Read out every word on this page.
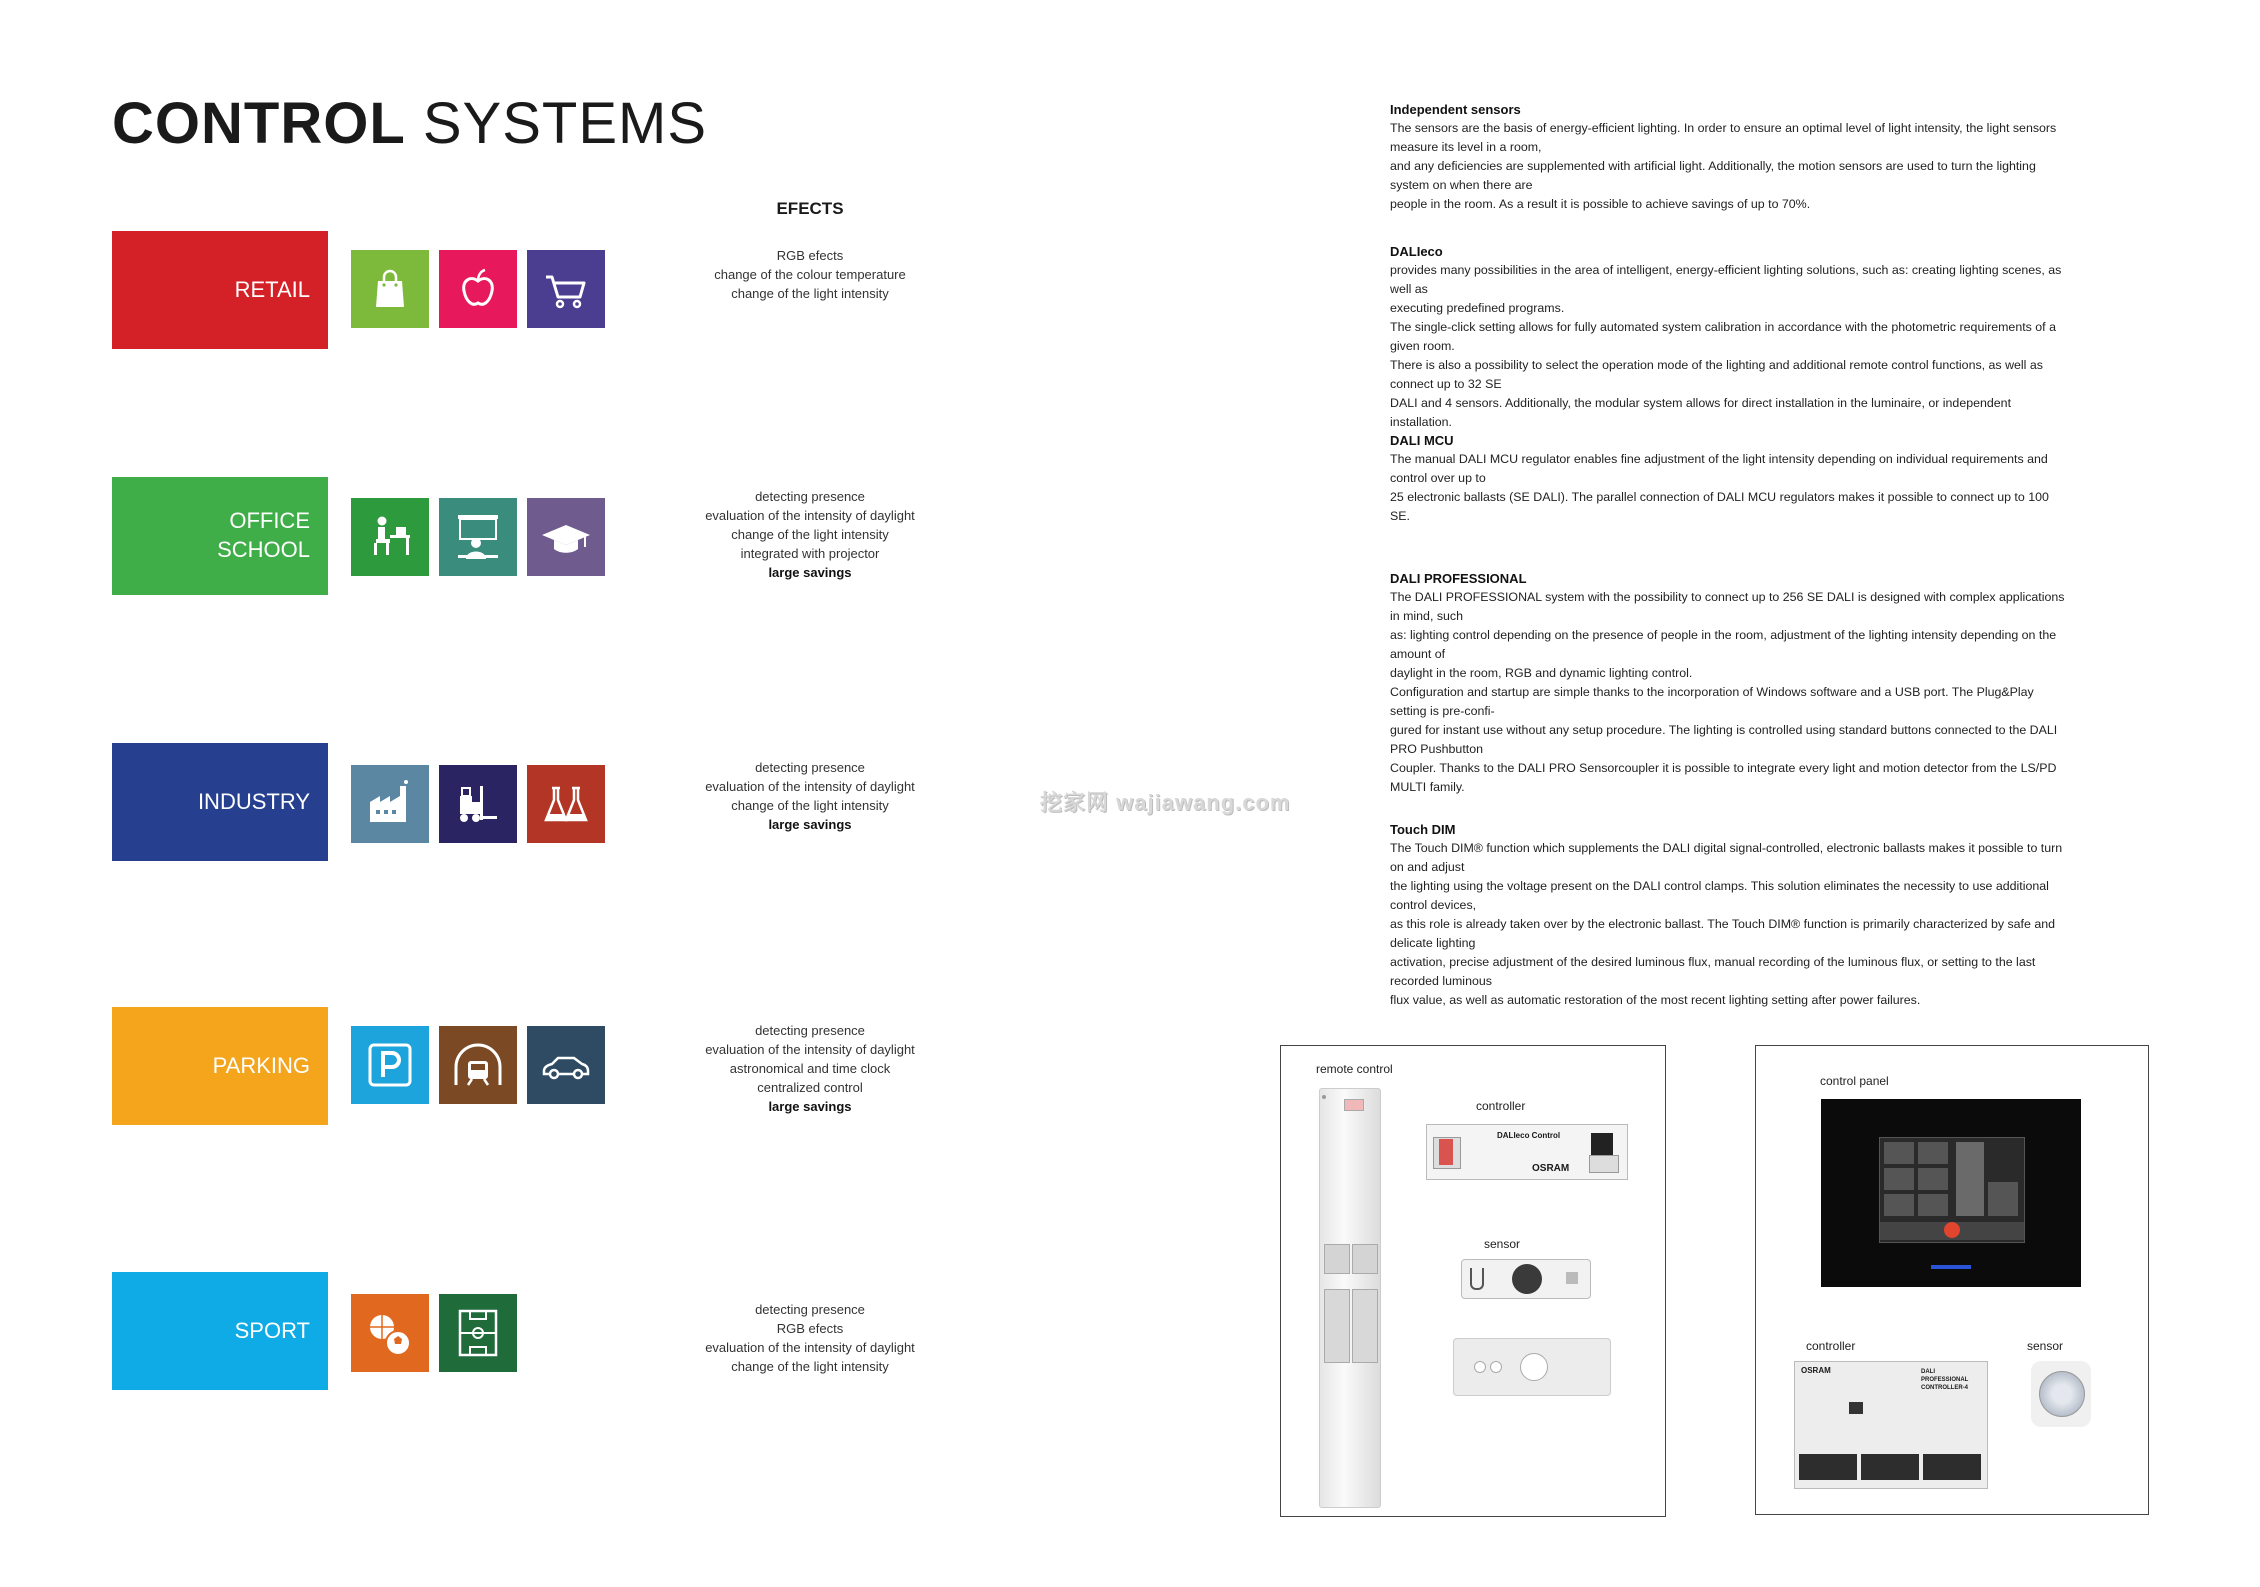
CONTROL SYSTEMS
RETAIL
OFFICE
SCHOOL
INDUSTRY
PARKING
SPORT
EFECTS
RGB efects
change of the colour temperature
change of the light intensity
detecting presence
evaluation of the intensity of daylight
change of the light intensity
integrated with projector
large savings
detecting presence
evaluation of the intensity of daylight
change of the light intensity
large savings
detecting presence
evaluation of the intensity of daylight
astronomical and time clock
centralized control
large savings
detecting presence
RGB efects
evaluation of the intensity of daylight
change of the light intensity
挖家网 wajiawang.com
Independent sensors

The sensors are the basis of energy-efficient lighting. In order to ensure an optimal level of light intensity, the light sensors measure its level in a room,
and any deficiencies are supplemented with artificial light. Additionally, the motion sensors are used to turn the lighting system on when there are
people in the room. As a result it is possible to achieve savings of up to 70%.

DALIeco

provides many possibilities in the area of intelligent, energy-efficient lighting solutions, such as: creating lighting scenes, as well as
executing predefined programs.
The single-click setting allows for fully automated system calibration in accordance with the photometric requirements of a given room.
There is also a possibility to select the operation mode of the lighting and additional remote control functions, as well as connect up to 32 SE
DALI and 4 sensors. Additionally, the modular system allows for direct installation in the luminaire, or independent installation.

DALI MCU

The manual DALI MCU regulator enables fine adjustment of the light intensity depending on individual requirements and control over up to
25 electronic ballasts (SE DALI). The parallel connection of DALI MCU regulators makes it possible to connect up to 100 SE.

DALI PROFESSIONAL

The DALI PROFESSIONAL system with the possibility to connect up to 256 SE DALI is designed with complex applications in mind, such
as: lighting control depending on the presence of people in the room, adjustment of the lighting intensity depending on the amount of
daylight in the room, RGB and dynamic lighting control.
Configuration and startup are simple thanks to the incorporation of Windows software and a USB port. The Plug&Play setting is pre-confi-
gured for instant use without any setup procedure. The lighting is controlled using standard buttons connected to the DALI PRO Pushbutton
Coupler. Thanks to the DALI PRO Sensorcoupler it is possible to integrate every light and motion detector from the LS/PD MULTI family.

Touch DIM

The Touch DIM® function which supplements the DALI digital signal-controlled, electronic ballasts makes it possible to turn on and adjust
the lighting using the voltage present on the DALI control clamps. This solution eliminates the necessity to use additional control devices,
as this role is already taken over by the electronic ballast. The Touch DIM® function is primarily characterized by safe and delicate lighting
activation, precise adjustment of the desired luminous flux, manual recording of the luminous flux, or setting to the last recorded luminous
flux value, as well as automatic restoration of the most recent lighting setting after power failures.

remote control
controller
DALIeco Control
OSRAM
sensor
control panel
controller
OSRAM	DALI PROFESSIONAL CONTROLLER-4
sensor
